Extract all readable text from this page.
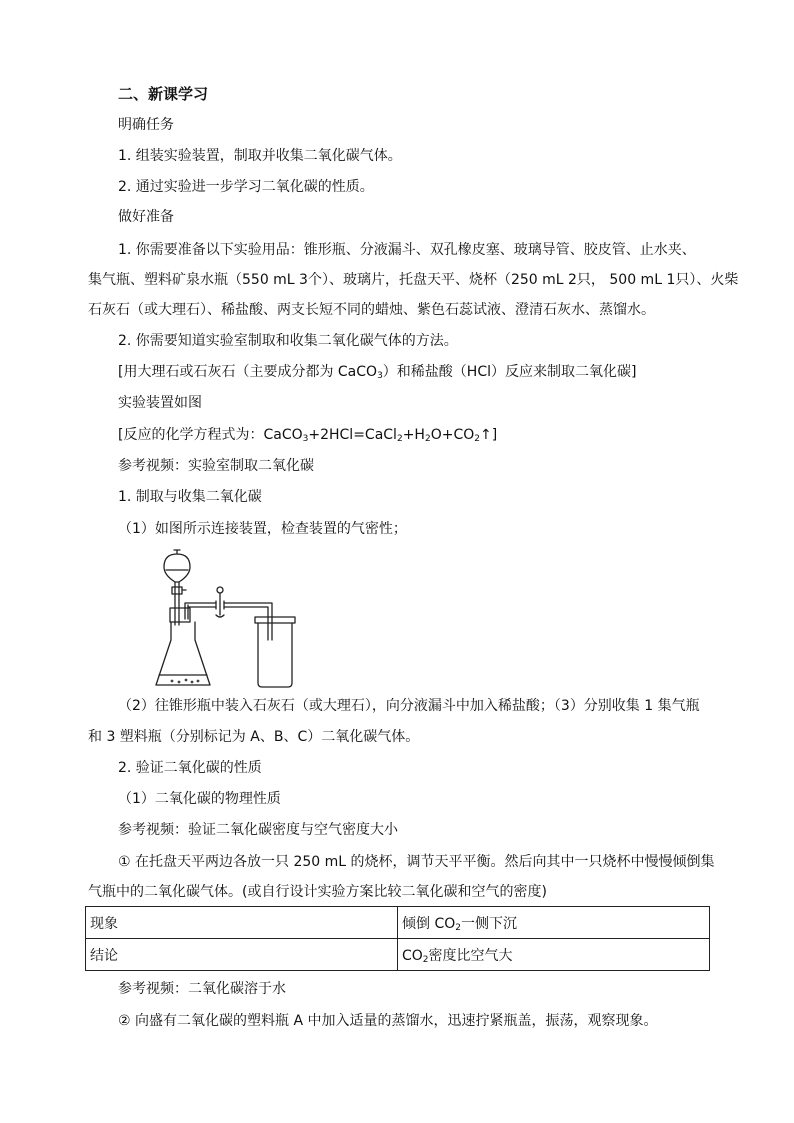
二、新课学习
明确任务
1. 组装实验装置，制取并收集二氧化碳气体。
2. 通过实验进一步学习二氧化碳的性质。
做好准备
1. 你需要准备以下实验用品：锥形瓶、分液漏斗、双孔橡皮塞、玻璃导管、胶皮管、止水夹、
集气瓶、塑料矿泉水瓶（550 mL 3个）、玻璃片，托盘天平、烧杯（250 mL 2只， 500 mL 1只）、火柴
石灰石（或大理石）、稀盐酸、两支长短不同的蜡烛、紫色石蕊试液、澄清石灰水、蒸馏水。
2. 你需要知道实验室制取和收集二氧化碳气体的方法。
[用大理石或石灰石（主要成分都为 CaCO$_3$）和稀盐酸（HCl）反应来制取二氧化碳]
实验装置如图
[反应的化学方程式为：$CaCO_3+2HCl=CaCl_2+H_2O+CO_2↑$]
参考视频：实验室制取二氧化碳
1. 制取与收集二氧化碳
（1）如图所示连接装置，检查装置的气密性；
（2）往锥形瓶中装入石灰石（或大理石），向分液漏斗中加入稀盐酸；（3）分别收集 1 集气瓶
和 3 塑料瓶（分别标记为 A、B、C）二氧化碳气体。
2. 验证二氧化碳的性质
（1）二氧化碳的物理性质
参考视频：验证二氧化碳密度与空气密度大小
① 在托盘天平两边各放一只 250 mL 的烧杯，调节天平平衡。然后向其中一只烧杯中慢慢倾倒集
气瓶中的二氧化碳气体。(或自行设计实验方案比较二氧化碳和空气的密度)
现象	倾倒 $CO_2$一侧下沉
结论	$CO_2$密度比空气大
参考视频：二氧化碳溶于水
② 向盛有二氧化碳的塑料瓶 A 中加入适量的蒸馏水，迅速拧紧瓶盖，振荡，观察现象。
